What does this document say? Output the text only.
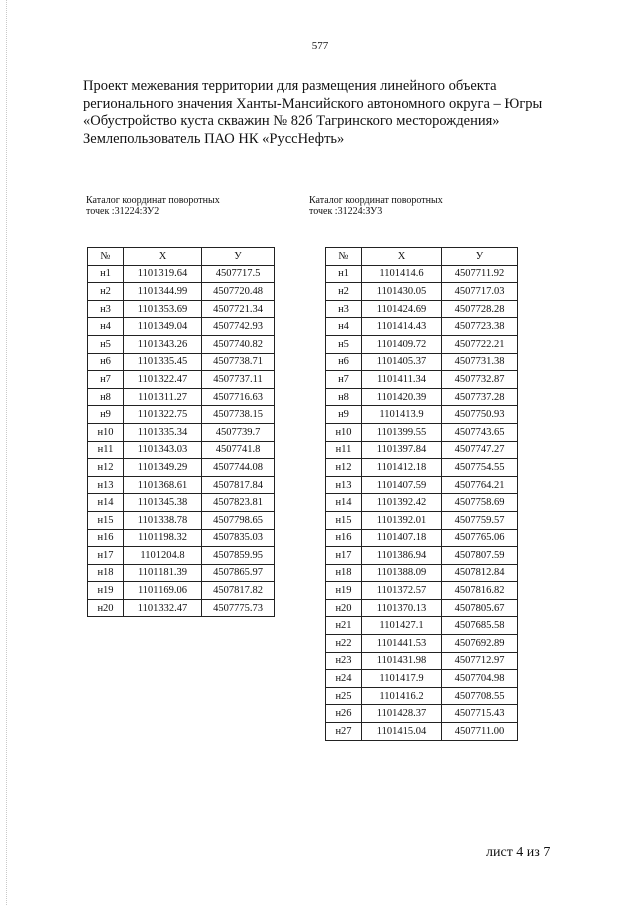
577
Проект межевания территории для размещения линейного объекта
регионального значения Ханты-Мансийского автономного округа – Югры
«Обустройство куста скважин № 82б Тагринского месторождения»
Землепользователь ПАО НК «РуссНефть»
Каталог координат поворотных
точек :31224:ЗУ2
Каталог координат поворотных
точек :31224:ЗУ3
№	X	У
н1	1101319.64	4507717.5
н2	1101344.99	4507720.48
н3	1101353.69	4507721.34
н4	1101349.04	4507742.93
н5	1101343.26	4507740.82
н6	1101335.45	4507738.71
н7	1101322.47	4507737.11
н8	1101311.27	4507716.63
н9	1101322.75	4507738.15
н10	1101335.34	4507739.7
н11	1101343.03	4507741.8
н12	1101349.29	4507744.08
н13	1101368.61	4507817.84
н14	1101345.38	4507823.81
н15	1101338.78	4507798.65
н16	1101198.32	4507835.03
н17	1101204.8	4507859.95
н18	1101181.39	4507865.97
н19	1101169.06	4507817.82
н20	1101332.47	4507775.73
№	X	У
н1	1101414.6	4507711.92
н2	1101430.05	4507717.03
н3	1101424.69	4507728.28
н4	1101414.43	4507723.38
н5	1101409.72	4507722.21
н6	1101405.37	4507731.38
н7	1101411.34	4507732.87
н8	1101420.39	4507737.28
н9	1101413.9	4507750.93
н10	1101399.55	4507743.65
н11	1101397.84	4507747.27
н12	1101412.18	4507754.55
н13	1101407.59	4507764.21
н14	1101392.42	4507758.69
н15	1101392.01	4507759.57
н16	1101407.18	4507765.06
н17	1101386.94	4507807.59
н18	1101388.09	4507812.84
н19	1101372.57	4507816.82
н20	1101370.13	4507805.67
н21	1101427.1	4507685.58
н22	1101441.53	4507692.89
н23	1101431.98	4507712.97
н24	1101417.9	4507704.98
н25	1101416.2	4507708.55
н26	1101428.37	4507715.43
н27	1101415.04	4507711.00
лист 4 из 7
